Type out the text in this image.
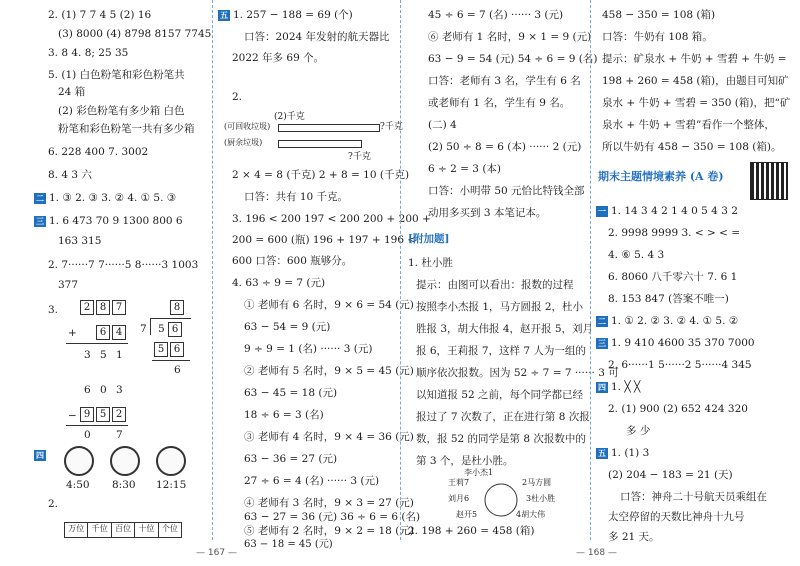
2. (1) 7 7 4 5 (2) 16
(3) 8000 (4) 8798 8157 7745
3. 8 4. 8; 25 35
5. (1) 白色粉笔和彩色粉笔共
24 箱
(2) 彩色粉笔有多少箱 白色
粉笔和彩色粉笔一共有多少箱
6. 228 400 7. 3002
8. 4 3 六
二 1. ③ 2. ③ 3. ② 4. ① 5. ③
三 1. 6 473 70 9 1300 800 6
163 315
2. 7······7 7······5 8······3 1003
377
3.	2 8 7
+	6 4
3 5 1
8
7 5 6
5 6
6
6 0 3
− 9 5 2
0 7
四
4:50 8:30 12:15
2.
万位 千位 百位 十位 个位
五 1. 257 − 188 = 69 (个)
口答：2024 年发射的航天器比
2022 年多 69 个。
2.
(2)千克
(可回收垃圾)
(厨余垃圾)
?千克
?千克
2 × 4 = 8 (千克) 2 + 8 = 10 (千克)
口答：共有 10 千克。
3. 196 < 200 197 < 200 200 + 200 +
200 = 600 (瓶) 196 + 197 + 196 <
600 口答：600 瓶够分。
4. 63 ÷ 9 = 7 (元)
① 老师有 6 名时，9 × 6 = 54 (元)
63 − 54 = 9 (元)
9 ÷ 9 = 1 (名) ······ 3 (元)
② 老师有 5 名时，9 × 5 = 45 (元)
63 − 45 = 18 (元)
18 ÷ 6 = 3 (名)
③ 老师有 4 名时，9 × 4 = 36 (元)
63 − 36 = 27 (元)
27 ÷ 6 = 4 (名) ······ 3 (元)
④ 老师有 3 名时，9 × 3 = 27 (元)
63 − 27 = 36 (元) 36 ÷ 6 = 6 (名)
⑤ 老师有 2 名时，9 × 2 = 18 (元)
63 − 18 = 45 (元)
— 167 —
45 ÷ 6 = 7 (名) ······ 3 (元)
⑥ 老师有 1 名时，9 × 1 = 9 (元)
63 − 9 = 54 (元) 54 ÷ 6 = 9 (名)
口答：老师有 3 名，学生有 6 名
或老师有 1 名，学生有 9 名。
(二) 4
(2) 50 ÷ 8 = 6 (本) ······ 2 (元)
6 ÷ 2 = 3 (本)
口答：小明带 50 元恰比特钱全部
动用多买到 3 本笔记本。
[附加题]
1. 杜小胜
提示：由图可以看出：报数的过程
按照李小杰报 1，马方圆报 2，杜小
胜报 3，胡大伟报 4，赵开报 5，刘月
报 6，王莉报 7，这样 7 人为一组的
顺序依次报数。因为 52 ÷ 7 = 7 ······ 3 可
以知道报 52 之前，每个同学都已经
报过了 7 次数了，正在进行第 8 次报
数，报 52 的同学是第 8 次报数中的
第 3 个，是杜小胜。
李小杰1
2马方圆
3杜小胜
4胡大伟
赵开5
刘月6
王莉7
2. 198 + 260 = 458 (箱)
— 168 —
458 − 350 = 108 (箱)
口答：牛奶有 108 箱。
提示：矿泉水 + 牛奶 + 雪碧 + 牛奶 =
198 + 260 = 458 (箱)，由题目可知矿
泉水 + 牛奶 + 雪碧 = 350 (箱)，把“矿
泉水 + 牛奶 + 雪碧”看作一个整体，
所以牛奶有 458 − 350 = 108 (箱)。
期末主题情境素养 (A 卷)
一 1. 14 3 4 2 1 4 0 5 4 3 2
2. 9998 9999 3. < > < =
4. ⑥ 5. 4 3
6. 8060 八千零六十 7. 6 1
8. 153 847 (答案不唯一)
二 1. ① 2. ② 3. ② 4. ① 5. ②
三 1. 9 410 4600 35 370 7000
2. 6······1 5······2 5······4 345
四 1. ╳ ╳
2. (1) 900 (2) 652 424 320
多 少
五 1. (1) 3
(2) 204 − 183 = 21 (天)
口答：神舟二十号航天员乘组在
太空停留的天数比神舟十九号
多 21 天。
